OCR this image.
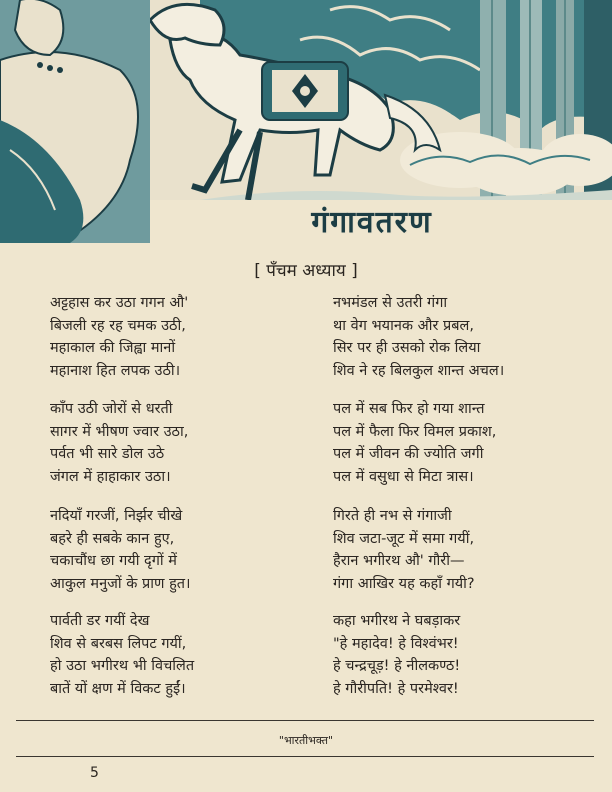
गंगावतरण
[ पँचम अध्याय ]
अट्टहास कर उठा गगन औ'
बिजली रह रह चमक उठी,
महाकाल की जिह्वा मानों
महानाश हित लपक उठी।
काँप उठी जोरों से धरती
सागर में भीषण ज्वार उठा,
पर्वत भी सारे डोल उठे
जंगल में हाहाकार उठा।
नदियाँ गरजीं, निर्झर चीखे
बहरे ही सबके कान हुए,
चकाचौंध छा गयी दृगों में
आकुल मनुजों के प्राण हुत।
पार्वती डर गयीं देख
शिव से बरबस लिपट गयीं,
हो उठा भगीरथ भी विचलित
बातें यों क्षण में विकट हुईं।
नभमंडल से उतरी गंगा
था वेग भयानक और प्रबल,
सिर पर ही उसको रोक लिया
शिव ने रह बिलकुल शान्त अचल।
पल में सब फिर हो गया शान्त
पल में फैला फिर विमल प्रकाश,
पल में जीवन की ज्योति जगी
पल में वसुधा से मिटा त्रास।
गिरते ही नभ से गंगाजी
शिव जटा-जूट में समा गयीं,
हैरान भगीरथ औ' गौरी—
गंगा आखिर यह कहाँ गयी?
कहा भगीरथ ने घबड़ाकर
"हे महादेव! हे विश्वंभर!
हे चन्द्रचूड़! हे नीलकण्ठ!
हे गौरीपति! हे परमेश्वर!
"भारतीभक्त"
5
